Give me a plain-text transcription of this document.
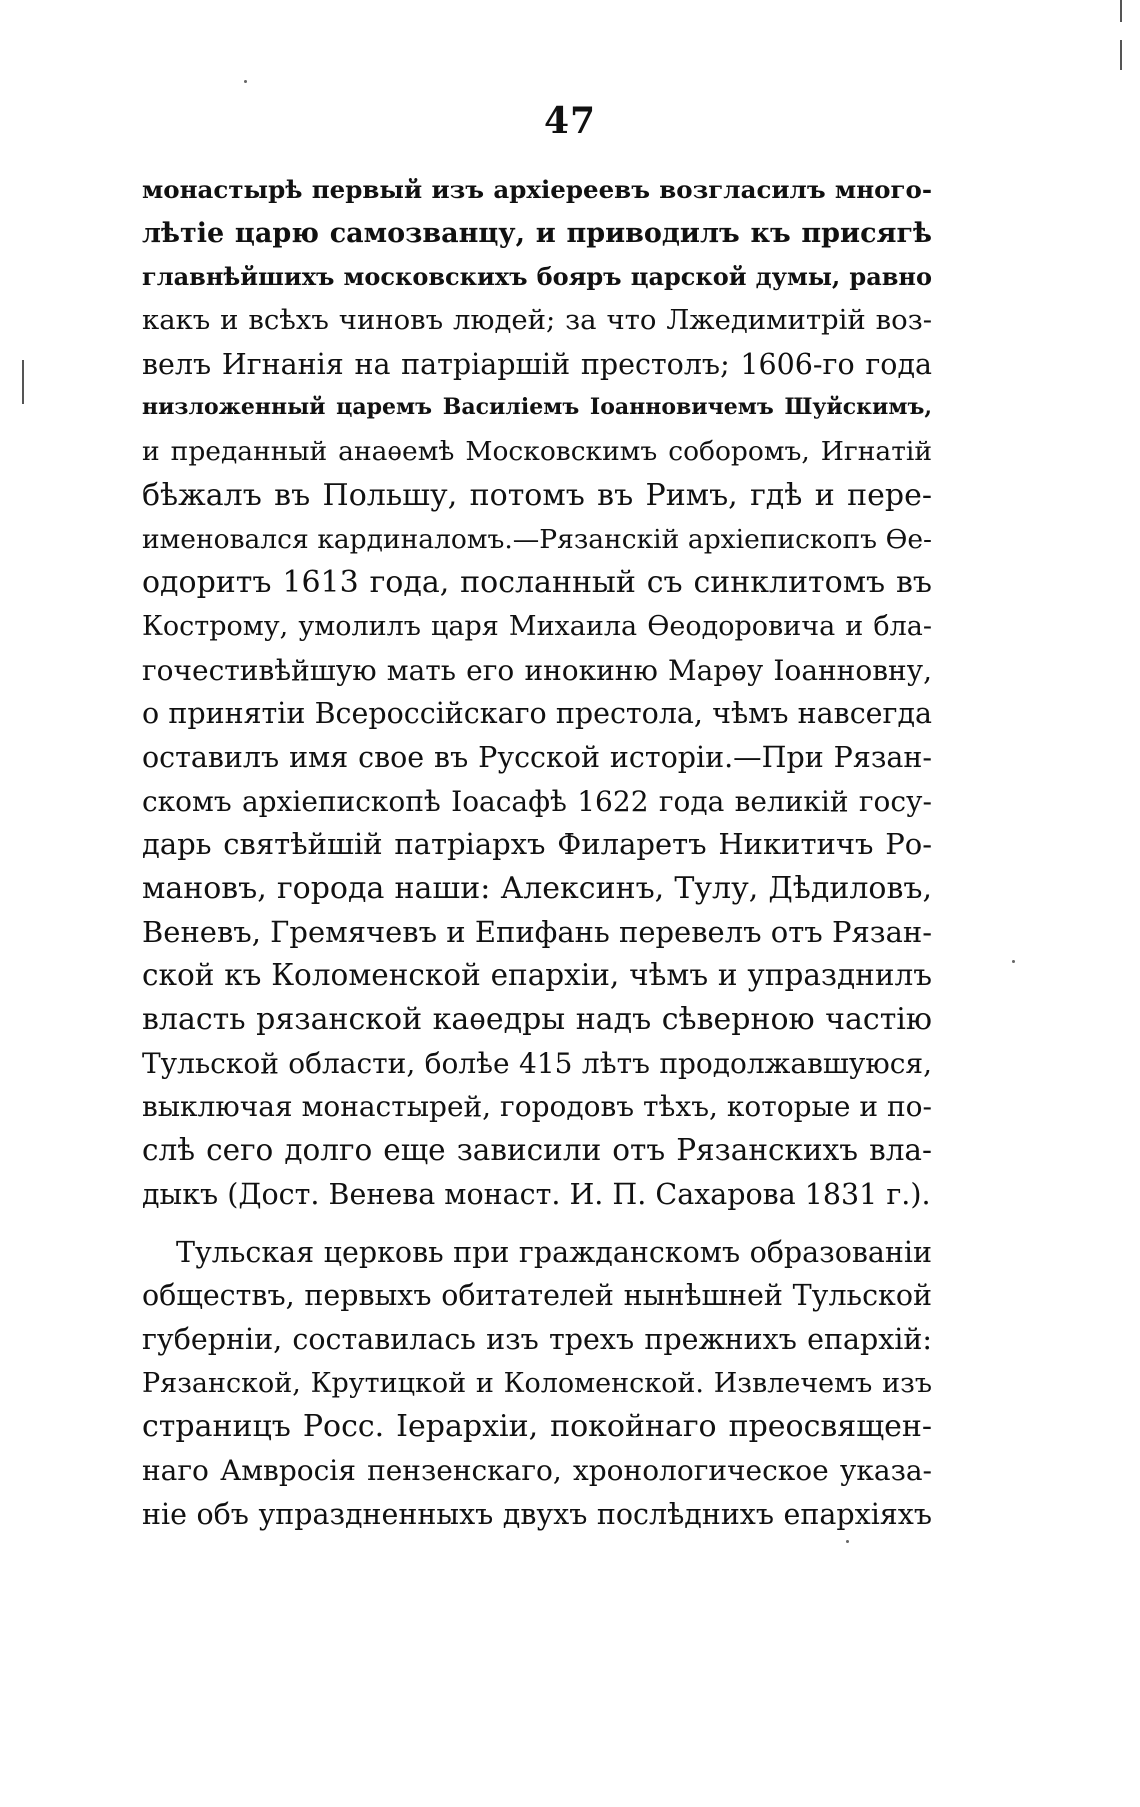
47
монастырѣ первый изъ архіереевъ возгласилъ много-
лѣтіе царю самозванцу, и приводилъ къ присягѣ
главнѣйшихъ московскихъ бояръ царской думы, равно
какъ и всѣхъ чиновъ людей; за что Лжедимитрій воз-
велъ Игнанія на патріаршій престолъ; 1606-го года
низложенный царемъ Василіемъ Іоанновичемъ Шуйскимъ,
и преданный анаѳемѣ Московскимъ соборомъ, Игнатій
бѣжалъ въ Польшу, потомъ въ Римъ, гдѣ и пере-
именовался кардиналомъ.—Рязанскій архіепископъ Ѳе-
одоритъ 1613 года, посланный съ синклитомъ въ
Кострому, умолилъ царя Михаила Ѳеодоровича и бла-
гочестивѣйшую мать его инокиню Марѳу Іоанновну,
о принятіи Всероссійскаго престола, чѣмъ навсегда
оставилъ имя свое въ Русской исторіи.—При Рязан-
скомъ архіепископѣ Іоасафѣ 1622 года великій госу-
дарь святѣйшій патріархъ Филаретъ Никитичъ Ро-
мановъ, города наши: Алексинъ, Тулу, Дѣдиловъ,
Веневъ, Гремячевъ и Епифань перевелъ отъ Рязан-
ской къ Коломенской епархіи, чѣмъ и упразднилъ
власть рязанской каѳедры надъ сѣверною частію
Тульской области, болѣе 415 лѣтъ продолжавшуюся,
выключая монастырей, городовъ тѣхъ, которые и по-
слѣ сего долго еще зависили отъ Рязанскихъ вла-
дыкъ (Дост. Венева монаст. И. П. Сахарова 1831 г.).
Тульская церковь при гражданскомъ образованіи
обществъ, первыхъ обитателей нынѣшней Тульской
губерніи, составилась изъ трехъ прежнихъ епархій:
Рязанской, Крутицкой и Коломенской. Извлечемъ изъ
страницъ Росс. Іерархіи, покойнаго преосвящен-
наго Амвросія пензенскаго, хронологическое указа-
ніе объ упраздненныхъ двухъ послѣднихъ епархіяхъ
